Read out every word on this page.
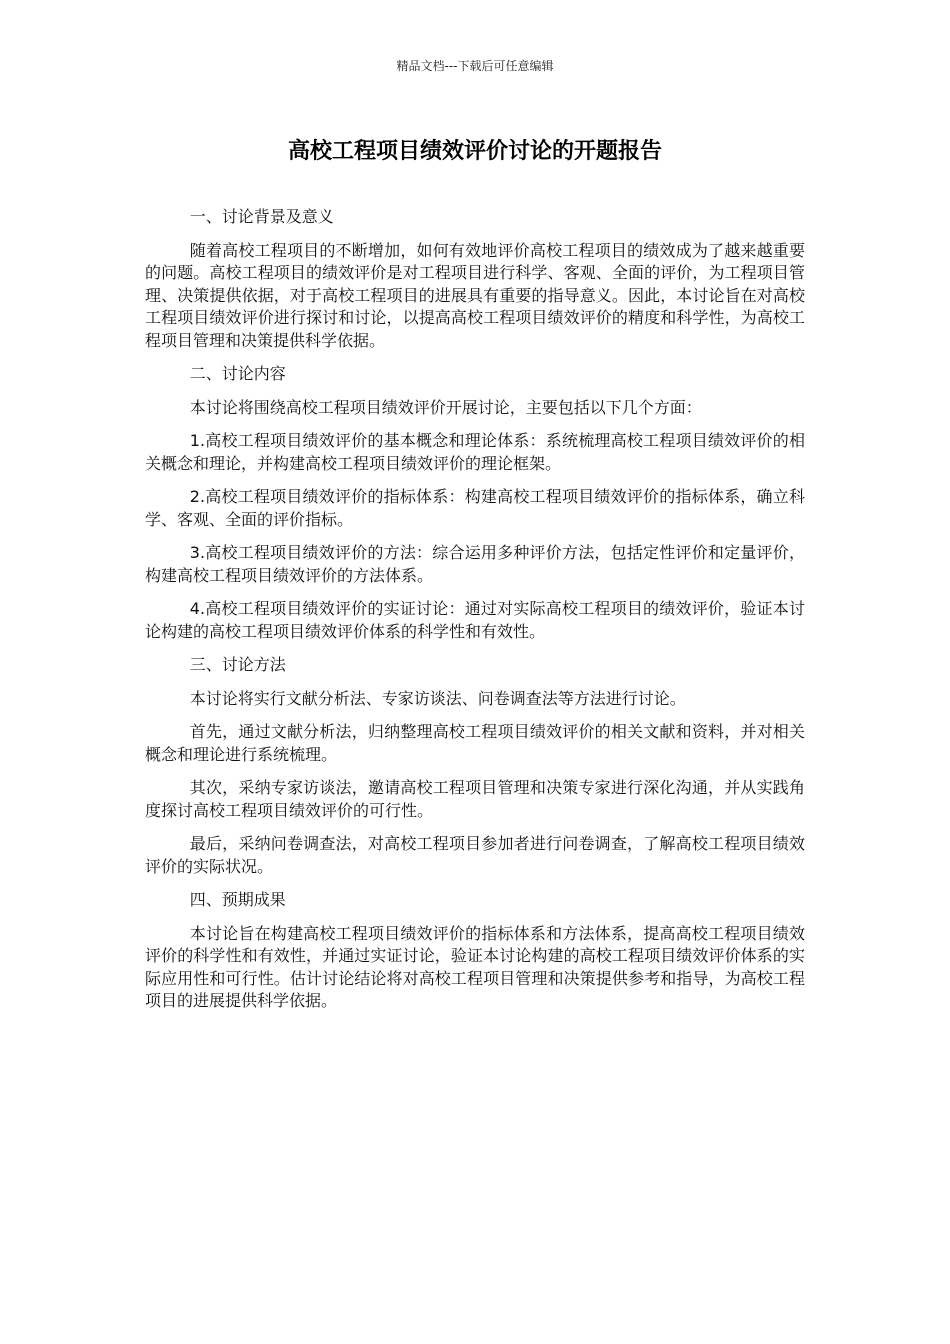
精品文档---下载后可任意编辑
高校工程项目绩效评价讨论的开题报告

一、讨论背景及意义

随着高校工程项目的不断增加，如何有效地评价高校工程项目的绩效成为了越来越重要的问题。高校工程项目的绩效评价是对工程项目进行科学、客观、全面的评价，为工程项目管理、决策提供依据，对于高校工程项目的进展具有重要的指导意义。因此，本讨论旨在对高校工程项目绩效评价进行探讨和讨论，以提高高校工程项目绩效评价的精度和科学性，为高校工程项目管理和决策提供科学依据。

二、讨论内容

本讨论将围绕高校工程项目绩效评价开展讨论，主要包括以下几个方面：

1.高校工程项目绩效评价的基本概念和理论体系：系统梳理高校工程项目绩效评价的相关概念和理论，并构建高校工程项目绩效评价的理论框架。

2.高校工程项目绩效评价的指标体系：构建高校工程项目绩效评价的指标体系，确立科学、客观、全面的评价指标。

3.高校工程项目绩效评价的方法：综合运用多种评价方法，包括定性评价和定量评价，构建高校工程项目绩效评价的方法体系。

4.高校工程项目绩效评价的实证讨论：通过对实际高校工程项目的绩效评价，验证本讨论构建的高校工程项目绩效评价体系的科学性和有效性。

三、讨论方法

本讨论将实行文献分析法、专家访谈法、问卷调查法等方法进行讨论。

首先，通过文献分析法，归纳整理高校工程项目绩效评价的相关文献和资料，并对相关概念和理论进行系统梳理。

其次，采纳专家访谈法，邀请高校工程项目管理和决策专家进行深化沟通，并从实践角度探讨高校工程项目绩效评价的可行性。

最后，采纳问卷调查法，对高校工程项目参加者进行问卷调查，了解高校工程项目绩效评价的实际状况。

四、预期成果

本讨论旨在构建高校工程项目绩效评价的指标体系和方法体系，提高高校工程项目绩效评价的科学性和有效性，并通过实证讨论，验证本讨论构建的高校工程项目绩效评价体系的实际应用性和可行性。估计讨论结论将对高校工程项目管理和决策提供参考和指导，为高校工程项目的进展提供科学依据。
